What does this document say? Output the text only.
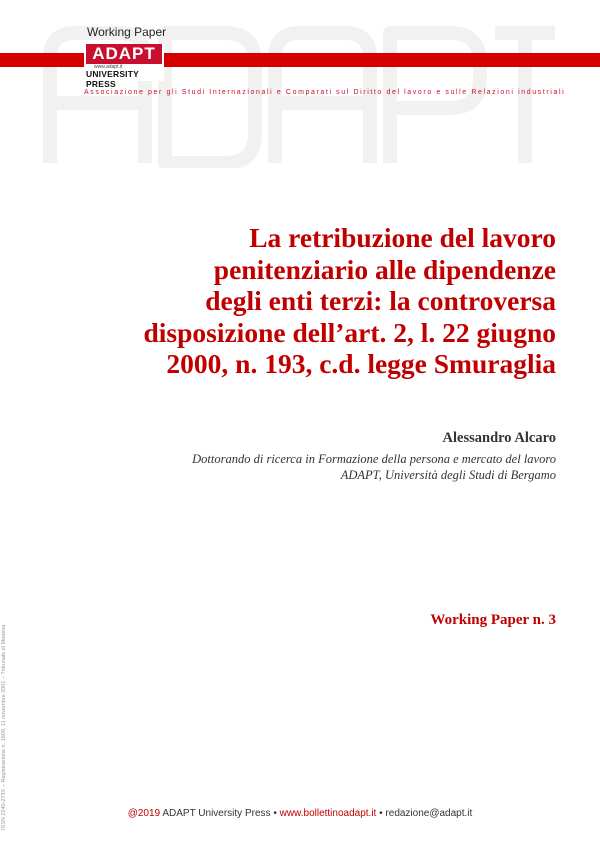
Working Paper
ADAPT
www.adapt.it
UNIVERSITY PRESS
Associazione per gli Studi Internazionali e Comparati sul Diritto del lavoro e sulle Relazioni industriali
La retribuzione del lavoro
penitenziario alle dipendenze
degli enti terzi: la controversa
disposizione dell’art. 2, l. 22 giugno
2000, n. 193, c.d. legge Smuraglia
Alessandro Alcaro
Dottorando di ricerca in Formazione della persona e mercato del lavoro
ADAPT, Università degli Studi di Bergamo
Working Paper n. 3
ISSN 2240-273X – Registrazione n. 1609, 11 novembre 2001 – Tribunale di Modena	@2019 ADAPT University Press • www.bollettinoadapt.it • redazione@adapt.it
